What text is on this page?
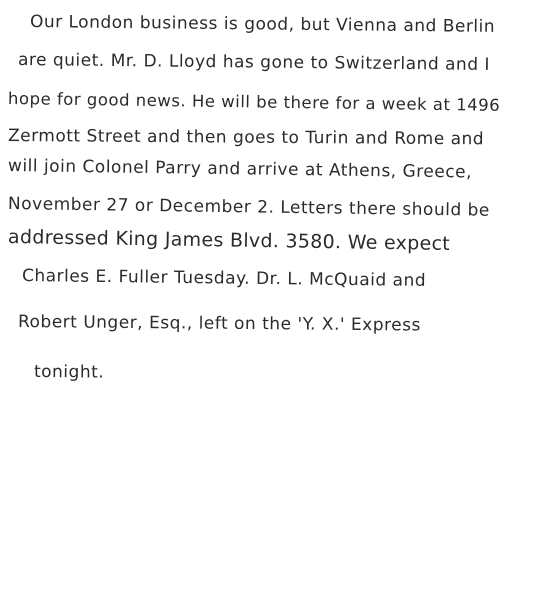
Our London business is good, but Vienna and Berlin
are quiet. Mr. D. Lloyd has gone to Switzerland and I
hope for good news. He will be there for a week at 1496
Zermott Street and then goes to Turin and Rome and
will join Colonel Parry and arrive at Athens, Greece,
November 27 or December 2. Letters there should be
addressed King James Blvd. 3580. We expect
Charles E. Fuller Tuesday. Dr. L. McQuaid and
Robert Unger, Esq., left on the 'Y. X.' Express
tonight.
